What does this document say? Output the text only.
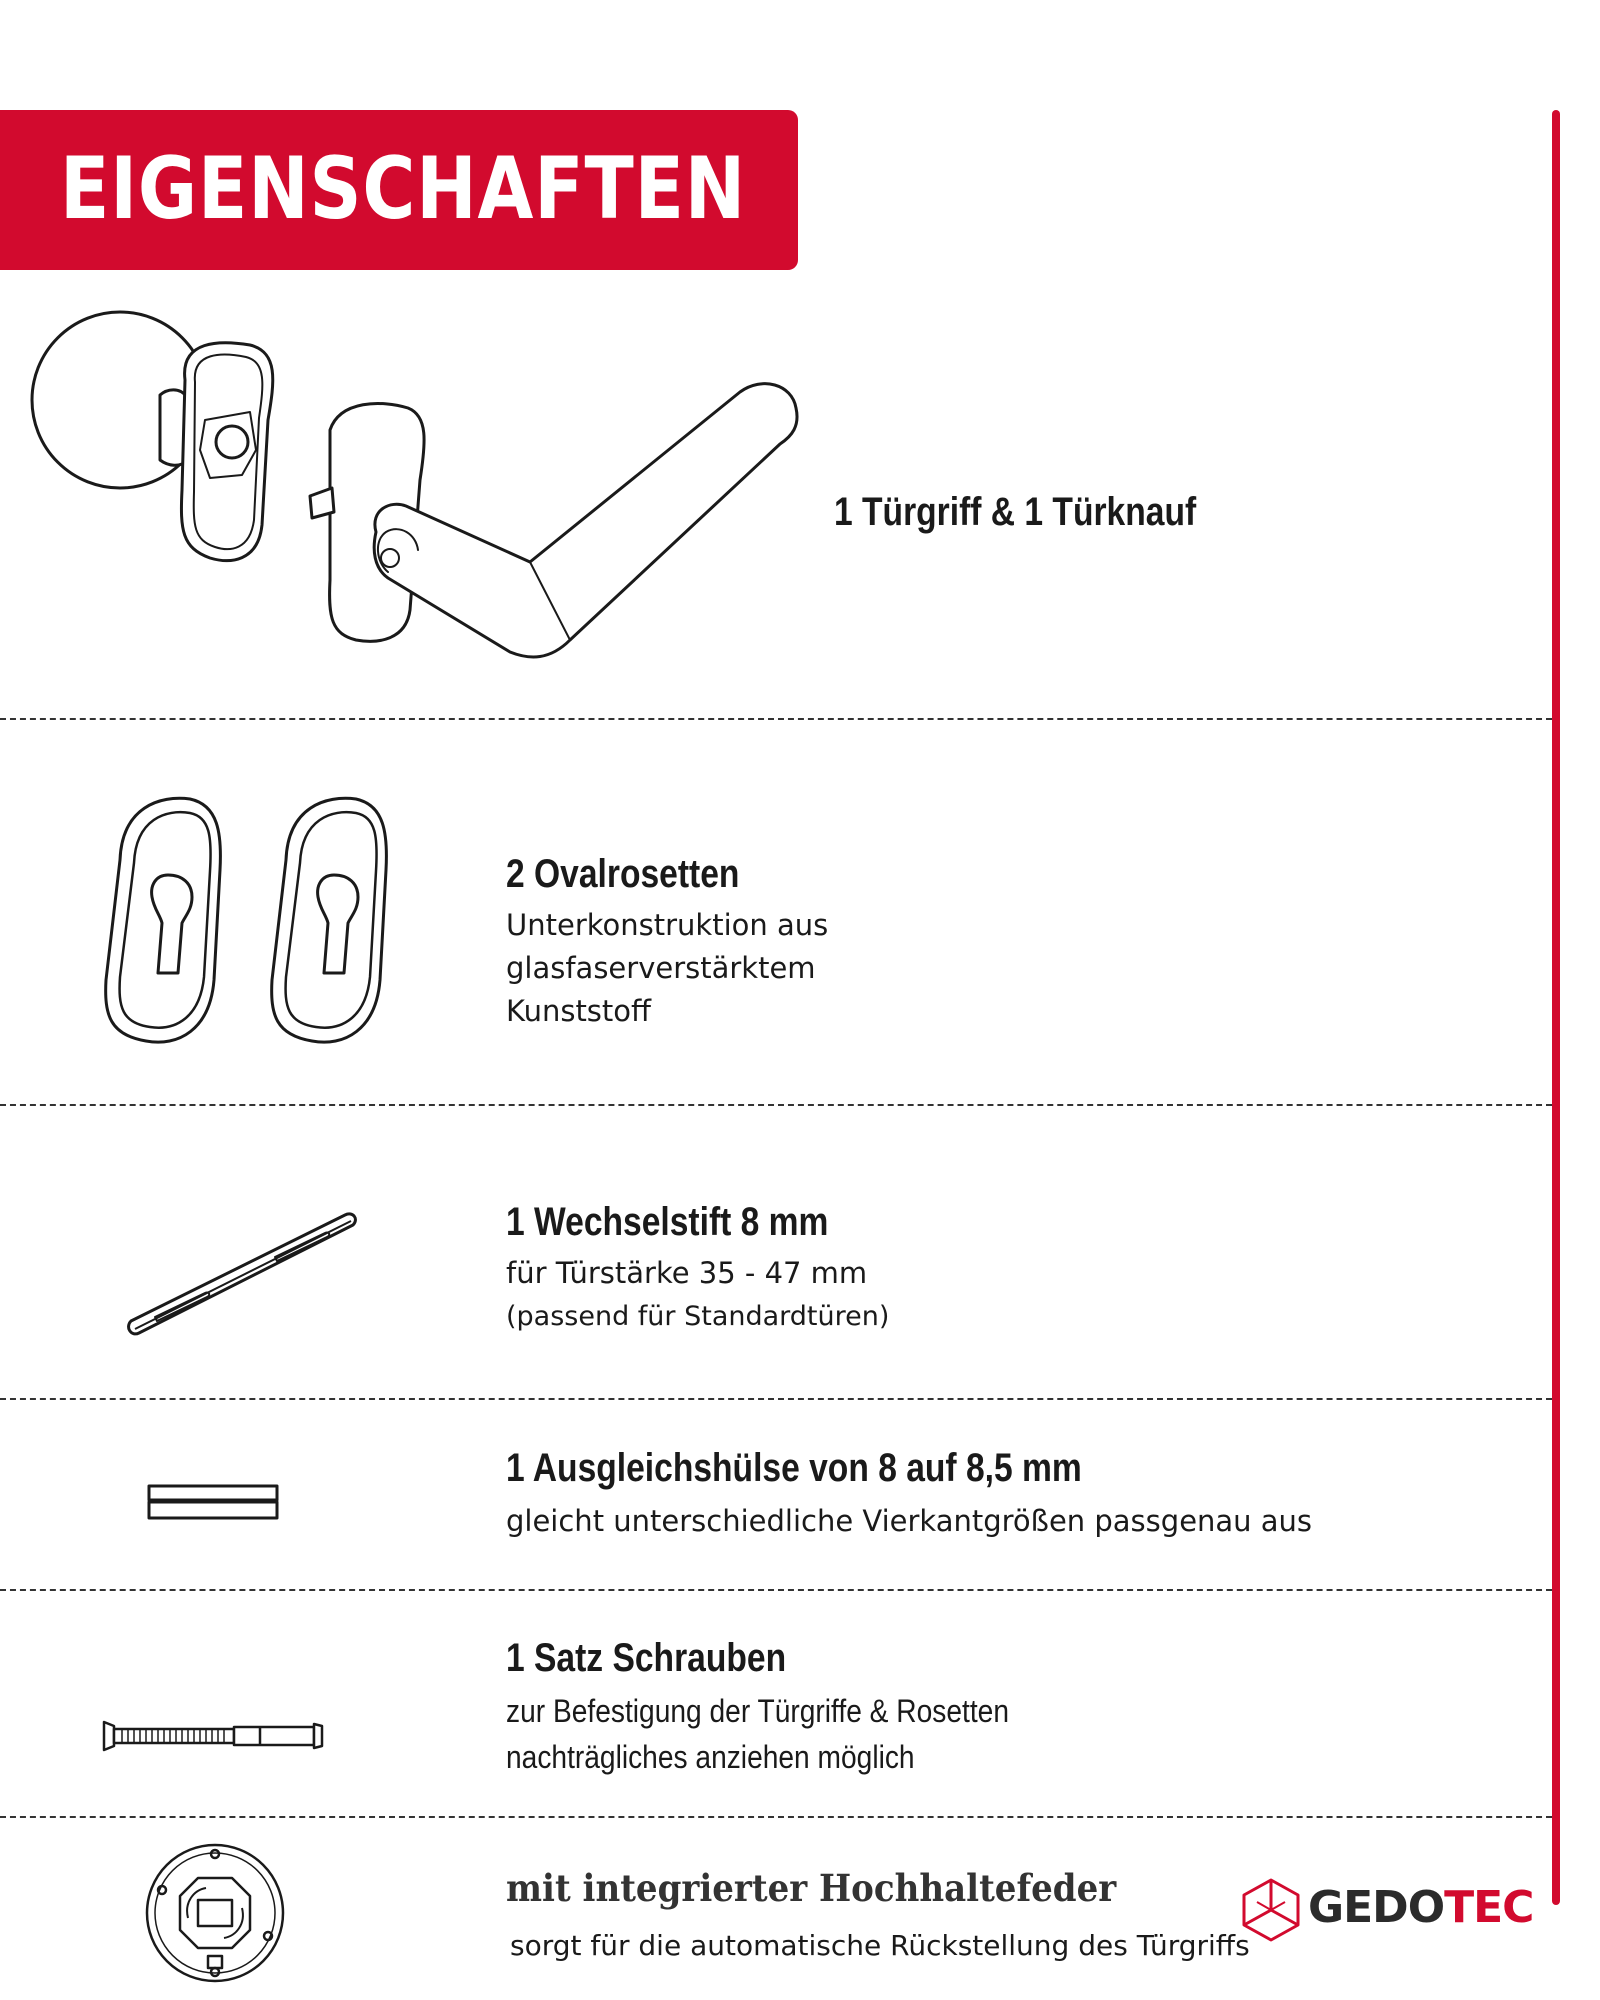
EIGENSCHAFTEN

1 Türgriff & 1 Türknauf

2 Ovalrosetten

Unterkonstruktion aus

glasfaserverstärktem

Kunststoff

1 Wechselstift 8 mm

für Türstärke 35 - 47 mm

(passend für Standardtüren)

1 Ausgleichshülse von 8 auf 8,5 mm

gleicht unterschiedliche Vierkantgrößen passgenau aus

1 Satz Schrauben

zur Befestigung der Türgriffe & Rosetten

nachträgliches anziehen möglich

mit integrierter Hochhaltefeder

sorgt für die automatische Rückstellung des Türgriffs

GEDOTEC
